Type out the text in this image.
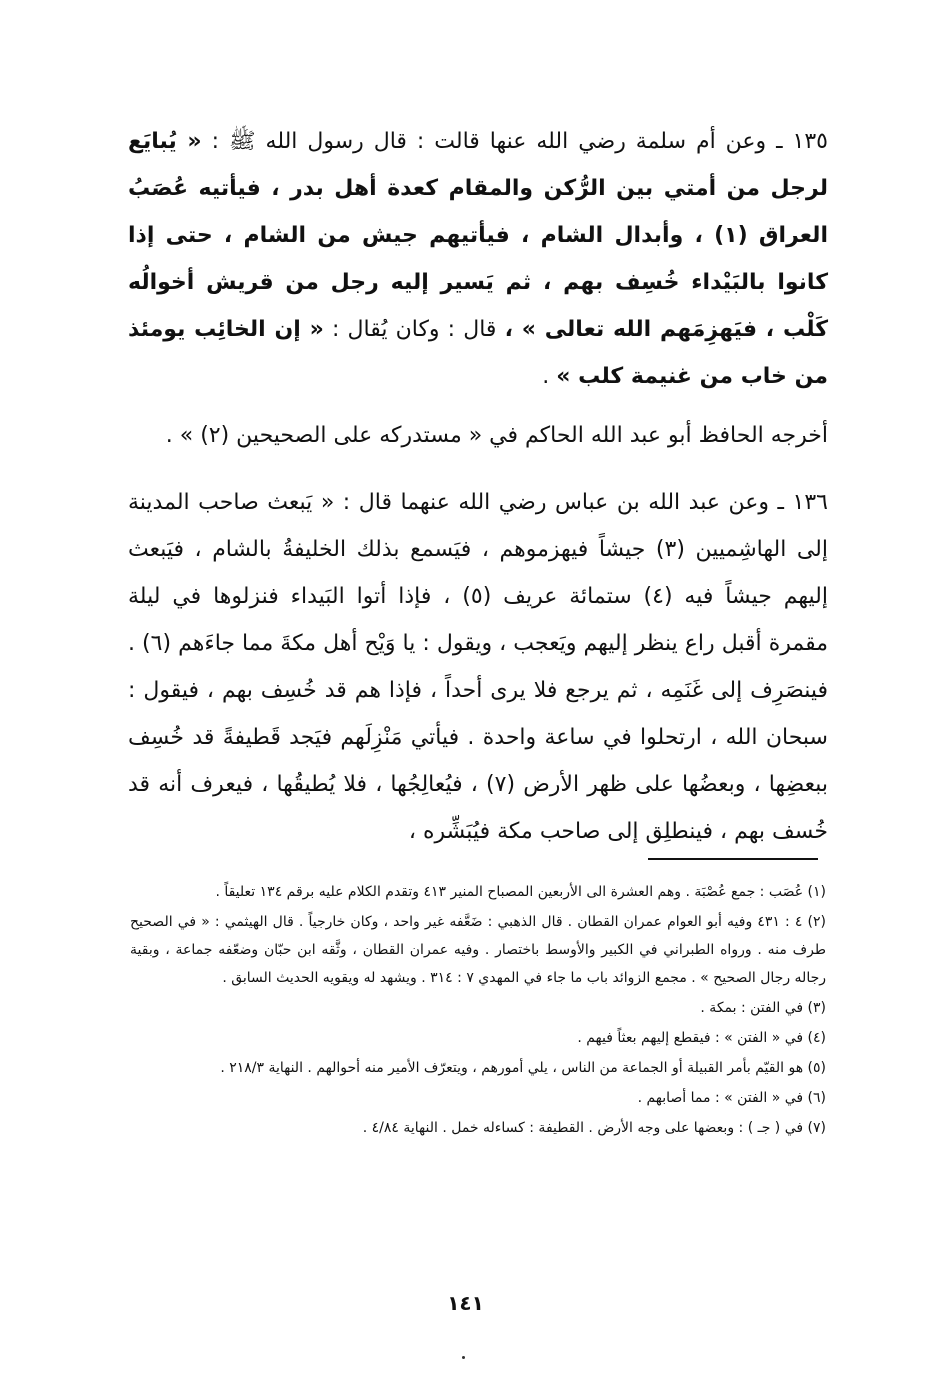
١٣٥ ـ وعن أم سلمة رضي الله عنها قالت : قال رسول الله ﷺ : « يُبايَع لرجل من أمتي بين الرُّكن والمقام كعدة أهل بدر ، فيأتيه عُصَبُ العراق (١) ، وأبدال الشام ، فيأتيهم جيش من الشام ، حتى إذا كانوا بالبَيْداء خُسِف بهم ، ثم يَسير إليه رجل من قريش أخوالُه كَلْب ، فيَهزِمَهم الله تعالى » ، قال : وكان يُقال : « إن الخائِب يومئذ من خاب من غنيمة كلب » .

أخرجه الحافظ أبو عبد الله الحاكم في « مستدركه على الصحيحين (٢) » .

١٣٦ ـ وعن عبد الله بن عباس رضي الله عنهما قال : « يَبعث صاحب المدينة إلى الهاشِميين (٣) جيشاً فيهزموهم ، فيَسمع بذلك الخليفةُ بالشام ، فيَبعث إليهم جيشاً فيه (٤) ستمائة عريف (٥) ، فإذا أتوا البَيداء فنزلوها في ليلة مقمرة أقبل راع ينظر إليهم ويَعجب ، ويقول : يا وَيْح أهل مكةَ مما جاءَهم (٦) . فينصَرِف إلى غَنَمِه ، ثم يرجع فلا يرى أحداً ، فإذا هم قد خُسِف بهم ، فيقول : سبحان الله ، ارتحلوا في ساعة واحدة . فيأتي مَنْزِلَهم فيَجد قَطيفةً قد خُسِف ببعضِها ، وبعضُها على ظهر الأرض (٧) ، فيُعالِجُها ، فلا يُطيقُها ، فيعرف أنه قد خُسف بهم ، فينطلِق إلى صاحب مكة فيُبَشِّره ،

(١) عُصَب : جمع عُصْبَة . وهم العشرة الى الأربعين المصباح المنير ٤١٣ وتقدم الكلام عليه برقم ١٣٤ تعليقاً .

(٢) ٤ : ٤٣١ وفيه أبو العوام عمران القطان . قال الذهبي : ضَعَّفه غير واحد ، وكان خارجياً . قال الهيثمي : « في الصحيح طرف منه . ورواه الطبراني في الكبير والأوسط باختصار . وفيه عمران القطان ، وثَّقه ابن حبّان وضعّفه جماعة ، وبقية رجاله رجال الصحيح » . مجمع الزوائد باب ما جاء في المهدي ٧ : ٣١٤ . ويشهد له ويقويه الحديث السابق .

(٣) في الفتن : بمكة .

(٤) في « الفتن » : فيقطع إليهم بعثاً فيهم .

(٥) هو القيّم بأمر القبيلة أو الجماعة من الناس ، يلي أمورهم ، ويتعرّف الأمير منه أحوالهم . النهاية ٢١٨/٣ .

(٦) في « الفتن » : مما أصابهم .

(٧) في ( جـ ) : وبعضها على وجه الأرض . القطيفة : كساءله خمل . النهاية ٤/٨٤ .

١٤١
